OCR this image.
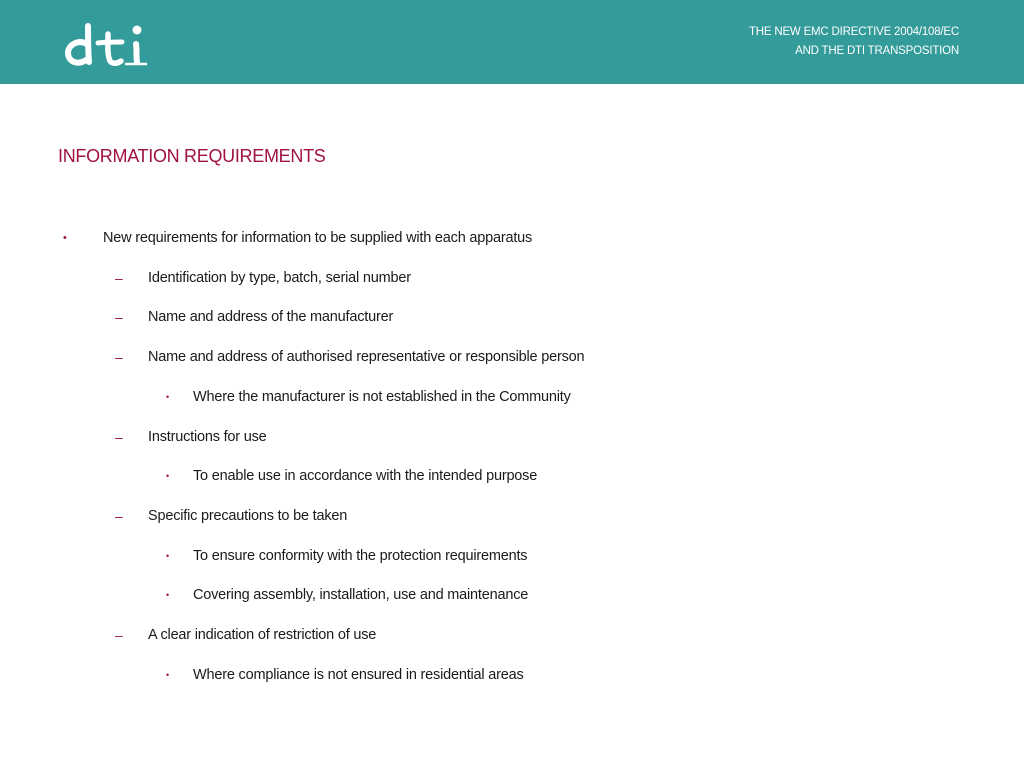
THE NEW EMC DIRECTIVE 2004/108/EC
AND THE DTI TRANSPOSITION
INFORMATION REQUIREMENTS
• New requirements for information to be supplied with each apparatus
– Identification by type, batch, serial number
– Name and address of the manufacturer
– Name and address of authorised representative or responsible person
• Where the manufacturer is not established in the Community
– Instructions for use
• To enable use in accordance with the intended purpose
– Specific precautions to be taken
• To ensure conformity with the protection requirements
• Covering assembly, installation, use and maintenance
– A clear indication of restriction of use
• Where compliance is not ensured in residential areas
